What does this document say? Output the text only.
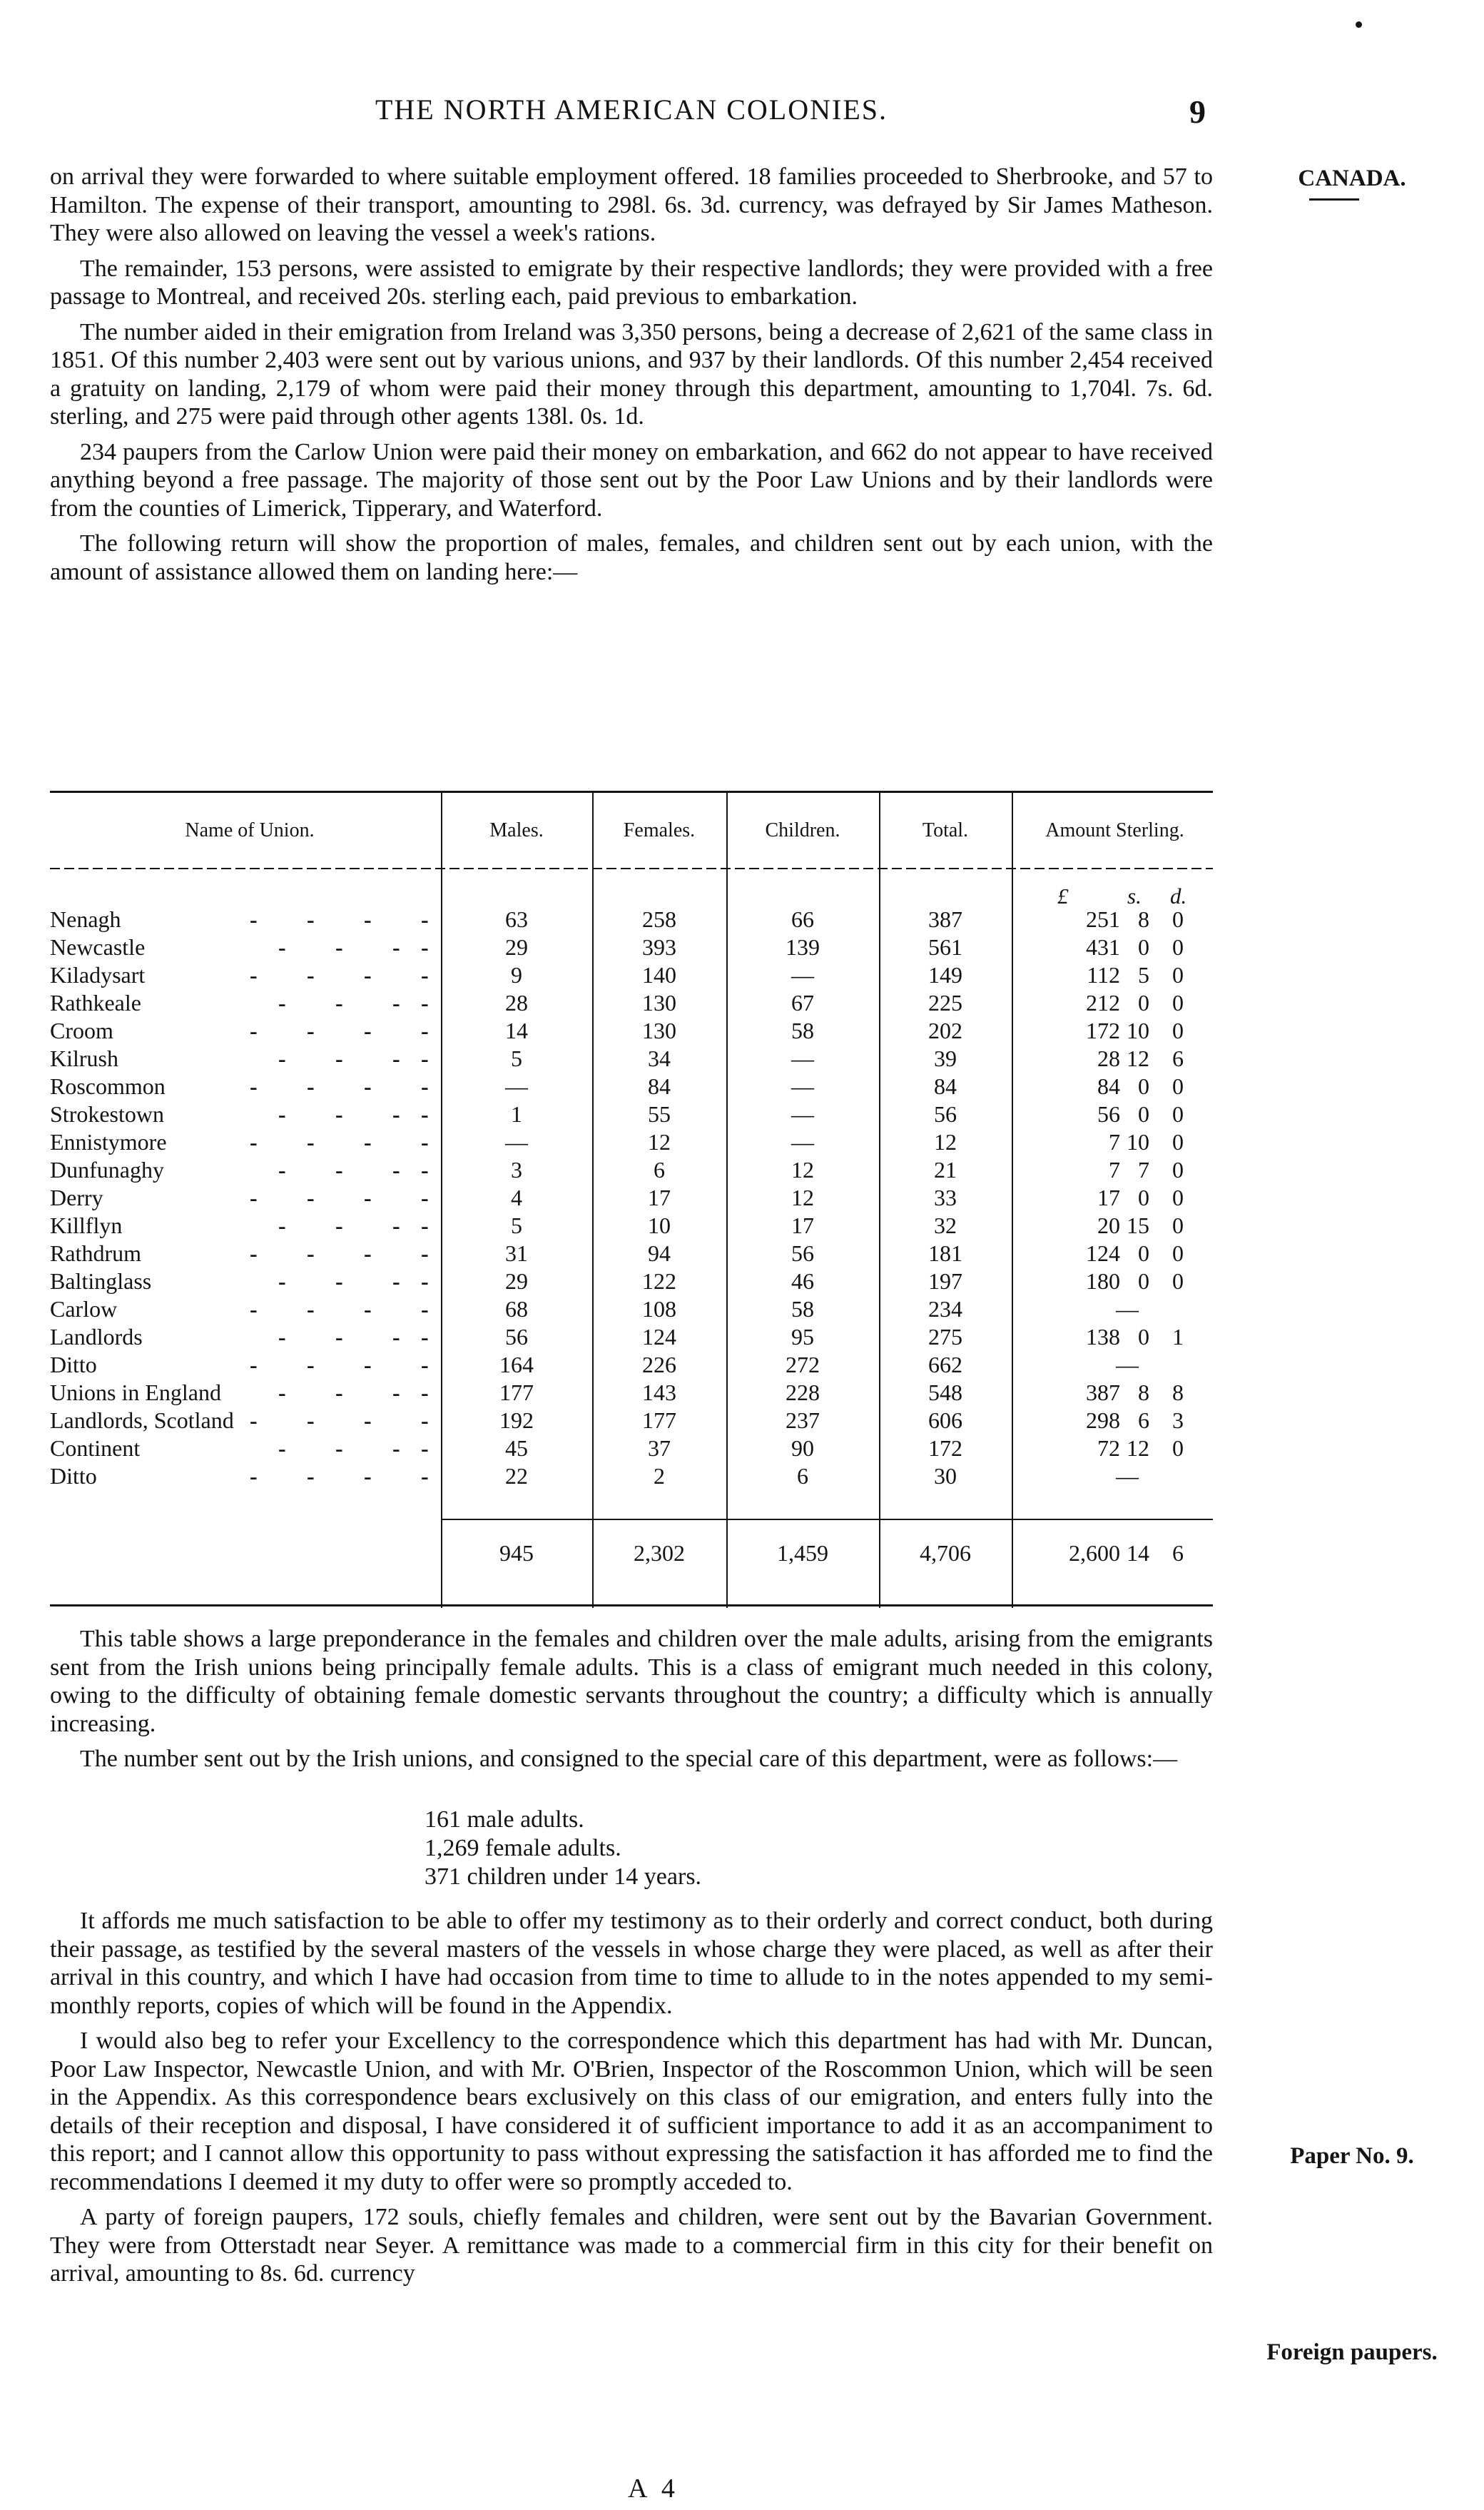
THE NORTH AMERICAN COLONIES.	9
CANADA.

on arrival they were forwarded to where suitable employment offered. 18 families proceeded to Sherbrooke, and 57 to Hamilton. The expense of their transport, amounting to 298l. 6s. 3d. currency, was defrayed by Sir James Matheson. They were also allowed on leaving the vessel a week's rations.

The remainder, 153 persons, were assisted to emigrate by their respective landlords; they were provided with a free passage to Montreal, and received 20s. sterling each, paid previous to embarkation.

The number aided in their emigration from Ireland was 3,350 persons, being a decrease of 2,621 of the same class in 1851. Of this number 2,403 were sent out by various unions, and 937 by their landlords. Of this number 2,454 received a gratuity on landing, 2,179 of whom were paid their money through this department, amounting to 1,704l. 7s. 6d. sterling, and 275 were paid through other agents 138l. 0s. 1d.

234 paupers from the Carlow Union were paid their money on embarkation, and 662 do not appear to have received anything beyond a free passage. The majority of those sent out by the Poor Law Unions and by their landlords were from the counties of Limerick, Tipperary, and Waterford.

The following return will show the proportion of males, females, and children sent out by each union, with the amount of assistance allowed them on landing here:—

Name of Union.	Males.	Females.	Children.	Total.	Amount Sterling.
£	s. d.
Nenagh	- - - -	63	258	66	387	251 8	0
Newcastle	- - - -	29	393	139	561	431 0	0
Kiladysart	- - - -	9	140	—	149	112 5	0
Rathkeale	- - - -	28	130	67	225	212 0	0
Croom	- - - -	14	130	58	202	172 10	0
Kilrush	- - - -	5	34	—	39	28 12	6
Roscommon	- - - -	—	84	—	84	84 0	0
Strokestown	- - - -	1	55	—	56	56 0	0
Ennistymore	- - - -	—	12	—	12	7 10	0
Dunfunaghy	- - - -	3	6	12	21	7 7	0
Derry	- - - -	4	17	12	33	17 0	0
Killflyn	- - - -	5	10	17	32	20 15	0
Rathdrum	- - - -	31	94	56	181	124 0	0
Baltinglass	- - - -	29	122	46	197	180 0	0
Carlow	- - - -	68	108	58	234	—
Landlords	- - - -	56	124	95	275	138 0	1
Ditto	- - - -	164	226	272	662	—
Unions in England	- - - -	177	143	228	548	387 8	8
Landlords, Scotland - - - -	192	177	237	606	298 6	3
Continent	- - - -	45	37	90	172	72 12	0
Ditto	- - - -	22	2	6	30	—
945	2,302	1,459	4,706	2,600 14	6

This table shows a large preponderance in the females and children over the male adults, arising from the emigrants sent from the Irish unions being principally female adults. This is a class of emigrant much needed in this colony, owing to the difficulty of obtaining female domestic servants throughout the country; a difficulty which is annually increasing.

The number sent out by the Irish unions, and consigned to the special care of this department, were as follows:—

161 male adults.
1,269 female adults.
371 children under 14 years.

It affords me much satisfaction to be able to offer my testimony as to their orderly and correct conduct, both during their passage, as testified by the several masters of the vessels in whose charge they were placed, as well as after their arrival in this country, and which I have had occasion from time to time to allude to in the notes appended to my semi-monthly reports, copies of which will be found in the Appendix.

I would also beg to refer your Excellency to the correspondence which this department has had with Mr. Duncan, Poor Law Inspector, Newcastle Union, and with Mr. O'Brien, Inspector of the Roscommon Union, which will be seen in the Appendix. As this correspondence bears exclusively on this class of our emigration, and enters fully into the details of their reception and disposal, I have considered it of sufficient importance to add it as an accompaniment to this report; and I cannot allow this opportunity to pass without expressing the satisfaction it has afforded me to find the recommendations I deemed it my duty to offer were so promptly acceded to.

A party of foreign paupers, 172 souls, chiefly females and children, were sent out by the Bavarian Government. They were from Otterstadt near Seyer. A remittance was made to a commercial firm in this city for their benefit on arrival, amounting to 8s. 6d. currency

Paper No. 9.
Foreign paupers.
A 4
